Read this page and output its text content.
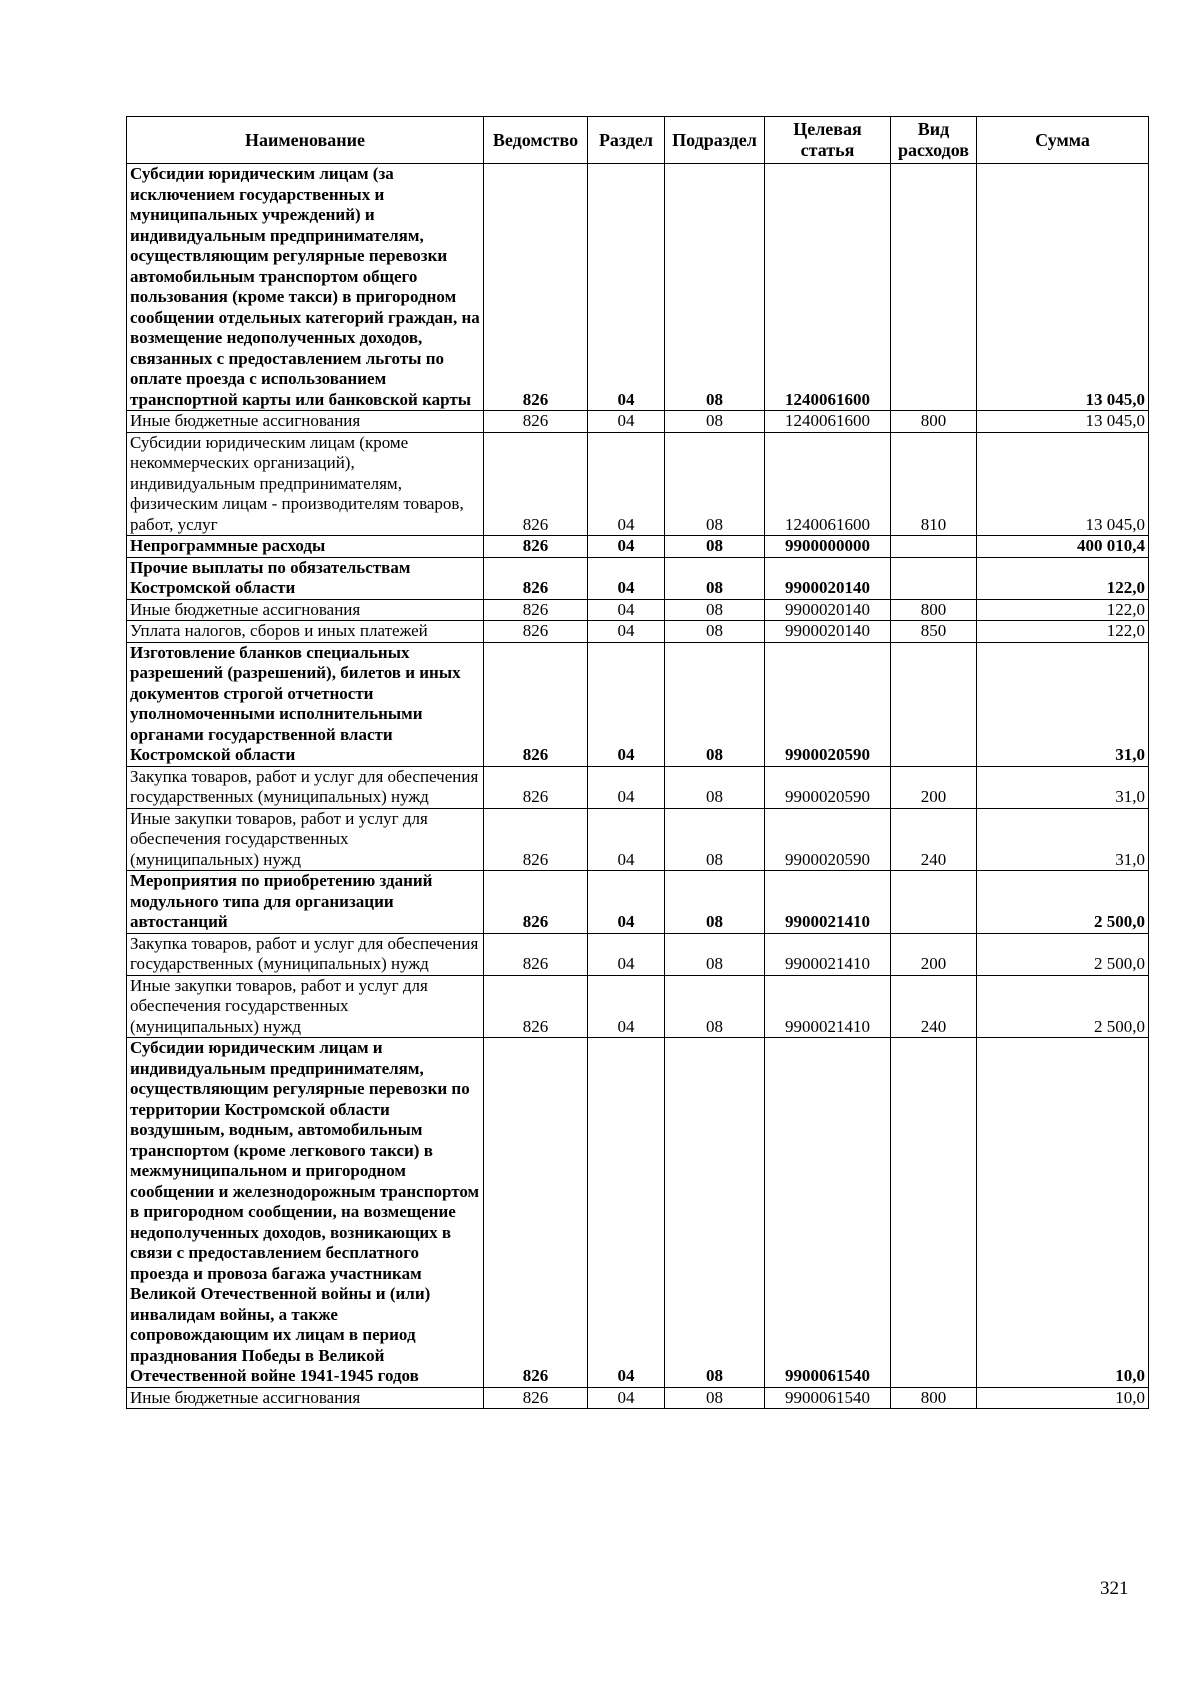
Наименование	Ведомство	Раздел	Подраздел	Целевая статья	Вид расходов	Сумма
Субсидии юридическим лицам (за исключением государственных и муниципальных учреждений) и индивидуальным предпринимателям, осуществляющим регулярные перевозки автомобильным транспортом общего пользования (кроме такси) в пригородном сообщении отдельных категорий граждан, на возмещение недополученных доходов, связанных с предоставлением льготы по оплате проезда с использованием транспортной карты или банковской карты	826	04	08	1240061600		13 045,0
Иные бюджетные ассигнования	826	04	08	1240061600	800	13 045,0
Субсидии юридическим лицам (кроме некоммерческих организаций), индивидуальным предпринимателям, физическим лицам - производителям товаров, работ, услуг	826	04	08	1240061600	810	13 045,0
Непрограммные расходы	826	04	08	9900000000		400 010,4
Прочие выплаты по обязательствам Костромской области	826	04	08	9900020140		122,0
Иные бюджетные ассигнования	826	04	08	9900020140	800	122,0
Уплата налогов, сборов и иных платежей	826	04	08	9900020140	850	122,0
Изготовление бланков специальных разрешений (разрешений), билетов и иных документов строгой отчетности уполномоченными исполнительными органами государственной власти Костромской области	826	04	08	9900020590		31,0
Закупка товаров, работ и услуг для обеспечения государственных (муниципальных) нужд	826	04	08	9900020590	200	31,0
Иные закупки товаров, работ и услуг для обеспечения государственных (муниципальных) нужд	826	04	08	9900020590	240	31,0
Мероприятия по приобретению зданий модульного типа для организации автостанций	826	04	08	9900021410		2 500,0
Закупка товаров, работ и услуг для обеспечения государственных (муниципальных) нужд	826	04	08	9900021410	200	2 500,0
Иные закупки товаров, работ и услуг для обеспечения государственных (муниципальных) нужд	826	04	08	9900021410	240	2 500,0
Субсидии юридическим лицам и индивидуальным предпринимателям, осуществляющим регулярные перевозки по территории Костромской области воздушным, водным, автомобильным транспортом (кроме легкового такси) в межмуниципальном и пригородном сообщении и железнодорожным транспортом в пригородном сообщении, на возмещение недополученных доходов, возникающих в связи с предоставлением бесплатного проезда и провоза багажа участникам Великой Отечественной войны и (или) инвалидам войны, а также сопровождающим их лицам в период празднования Победы в Великой Отечественной войне 1941-1945 годов	826	04	08	9900061540		10,0
Иные бюджетные ассигнования	826	04	08	9900061540	800	10,0
321
